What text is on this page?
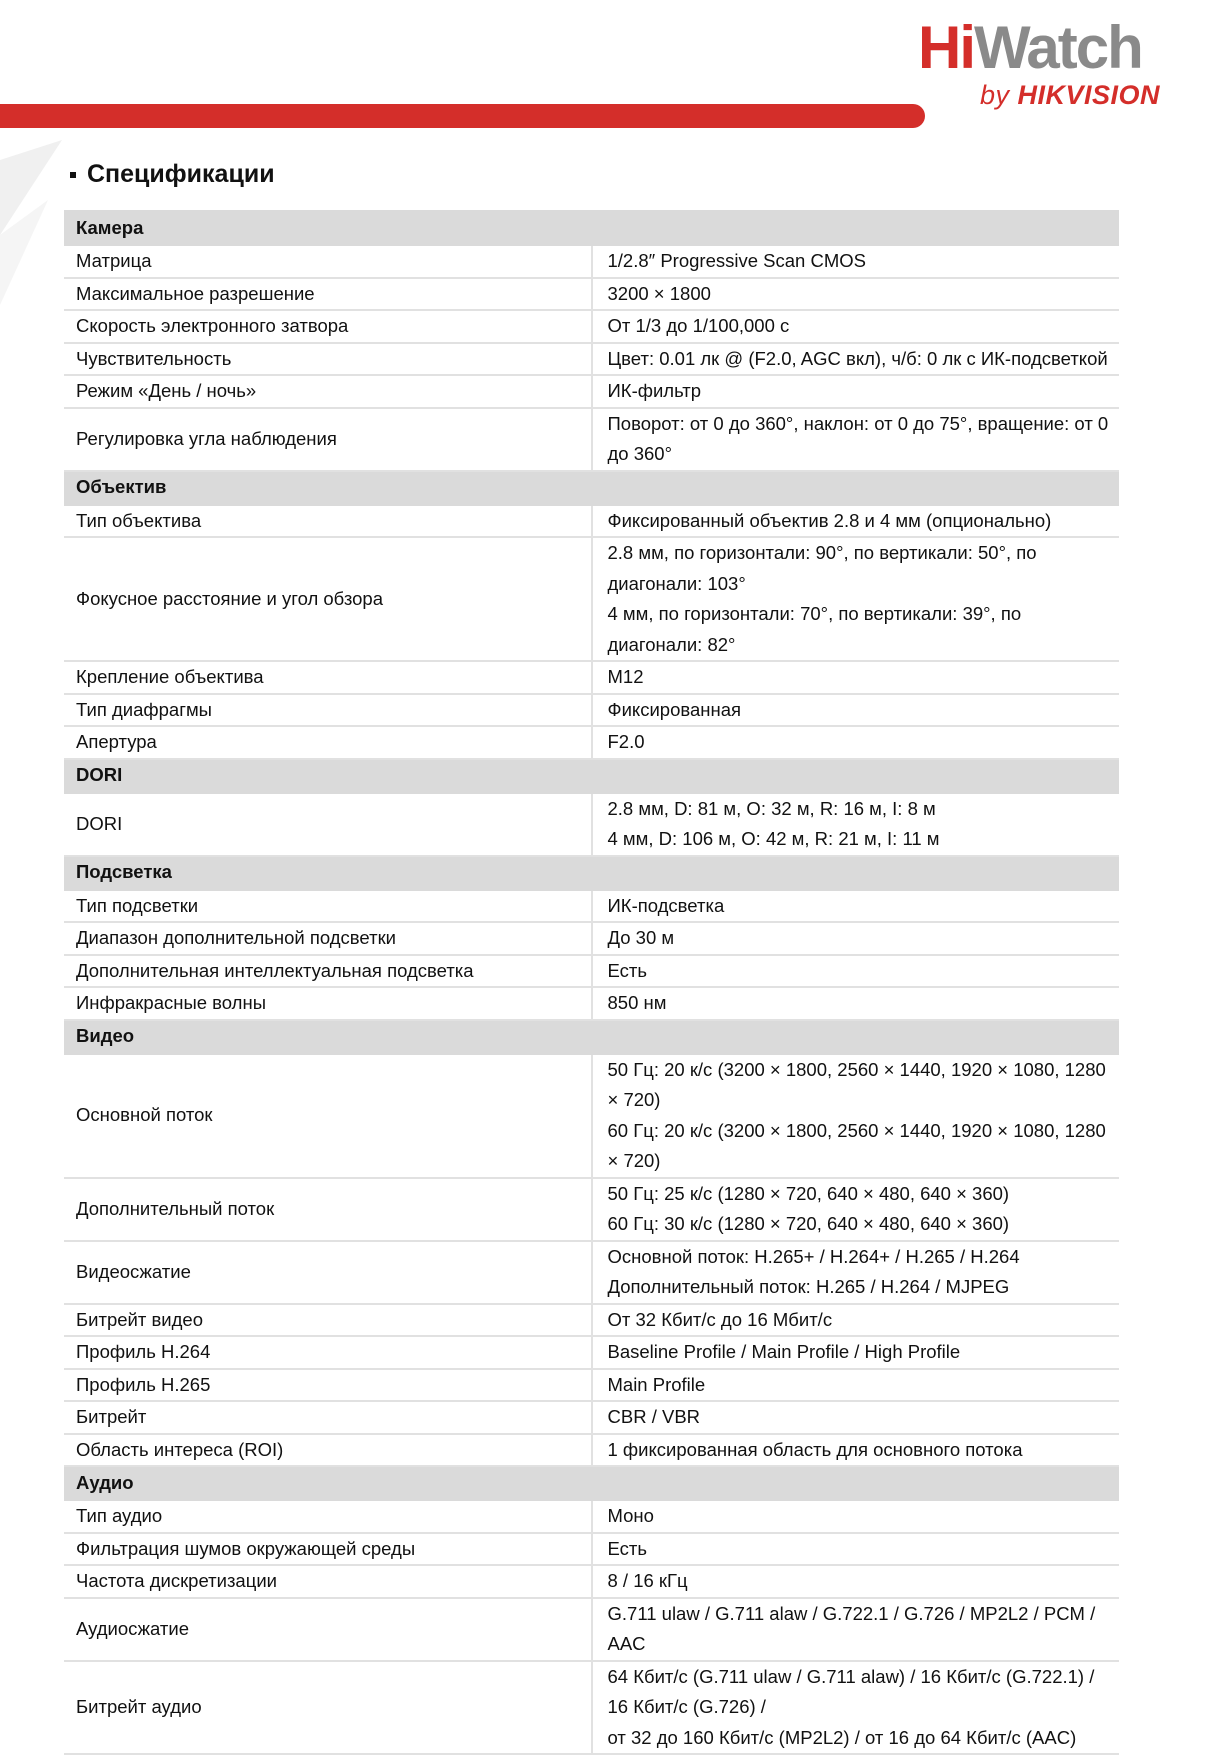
HiWatch
by HIKVISION
Спецификации
Камера	
Матрица	1/2.8″ Progressive Scan CMOS

Максимальное разрешение	3200 × 1800

Скорость электронного затвора	От 1/3 до 1/100,000 с

Чувствительность	Цвет: 0.01 лк @ (F2.0, AGC вкл), ч/б: 0 лк с ИК-подсветкой

Режим «День / ночь»	ИК-фильтр

Регулировка угла наблюдения	Поворот: от 0 до 360°, наклон: от 0 до 75°, вращение: от 0 до 360°

Объектив	
Тип объектива	Фиксированный объектив 2.8 и 4 мм (опционально)

Фокусное расстояние и угол обзора	2.8 мм, по горизонтали: 90°, по вертикали: 50°, по диагонали: 103°
4 мм, по горизонтали: 70°, по вертикали: 39°, по диагонали: 82°

Крепление объектива	M12

Тип диафрагмы	Фиксированная

Апертура	F2.0

DORI	
DORI	2.8 мм, D: 81 м, O: 32 м, R: 16 м, I: 8 м
4 мм, D: 106 м, O: 42 м, R: 21 м, I: 11 м

Подсветка	
Тип подсветки	ИК-подсветка

Диапазон дополнительной подсветки	До 30 м

Дополнительная интеллектуальная подсветка	Есть

Инфракрасные волны	850 нм

Видео	
Основной поток	50 Гц: 20 к/с (3200 × 1800, 2560 × 1440, 1920 × 1080, 1280 × 720)
60 Гц: 20 к/с (3200 × 1800, 2560 × 1440, 1920 × 1080, 1280 × 720)

Дополнительный поток	50 Гц: 25 к/с (1280 × 720, 640 × 480, 640 × 360)
60 Гц: 30 к/с (1280 × 720, 640 × 480, 640 × 360)

Видеосжатие	Основной поток: H.265+ / H.264+ / H.265 / H.264
Дополнительный поток: H.265 / H.264 / MJPEG

Битрейт видео	От 32 Кбит/с до 16 Мбит/с

Профиль H.264	Baseline Profile / Main Profile / High Profile

Профиль H.265	Main Profile

Битрейт	CBR / VBR

Область интереса (ROI)	1 фиксированная область для основного потока

Аудио	
Тип аудио	Моно

Фильтрация шумов окружающей среды	Есть

Частота дискретизации	8 / 16 кГц

Аудиосжатие	G.711 ulaw / G.711 alaw / G.722.1 / G.726 / MP2L2 / PCM / AAC

Битрейт аудио	64 Кбит/с (G.711 ulaw / G.711 alaw) / 16 Кбит/с (G.722.1) / 16 Кбит/с (G.726) /
от 32 до 160 Кбит/с (MP2L2) / от 16 до 64 Кбит/с (AAC)
